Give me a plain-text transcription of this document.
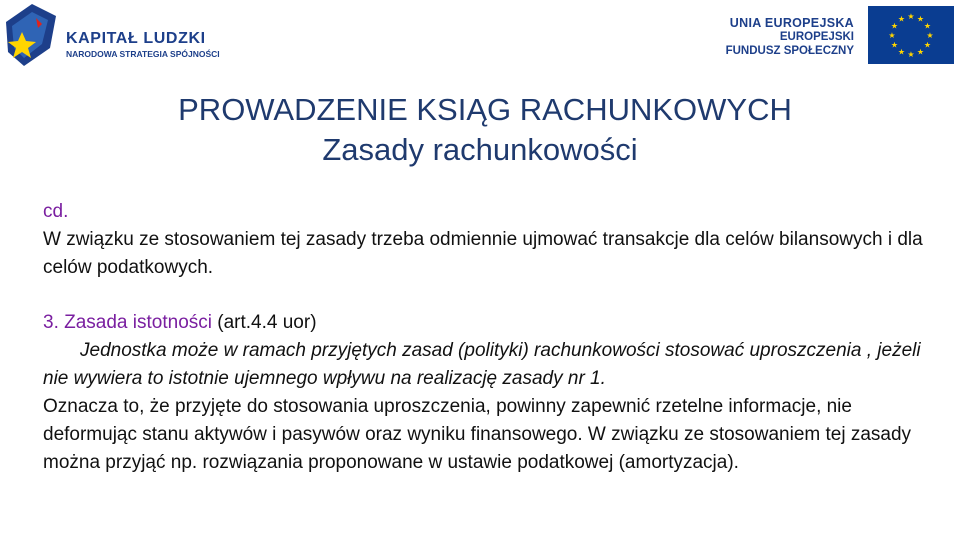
KAPITAŁ LUDZKI
NARODOWA STRATEGIA SPÓJNOŚCI
UNIA EUROPEJSKA
EUROPEJSKI
FUNDUSZ SPOŁECZNY
★ ★
★
★
★
★
★
★
★
★
★
★
PROWADZENIE KSIĄG RACHUNKOWYCH
Zasady rachunkowości

cd.

W związku ze stosowaniem tej zasady trzeba odmiennie ujmować transakcje dla celów bilansowych i dla celów podatkowych.

3. Zasada istotności (art.4.4 uor)

Jednostka może w ramach przyjętych zasad (polityki) rachunkowości stosować uproszczenia , jeżeli nie wywiera to istotnie ujemnego wpływu na realizację zasady nr 1.

Oznacza to, że przyjęte do stosowania uproszczenia, powinny zapewnić rzetelne informacje, nie deformując stanu aktywów i pasywów oraz wyniku finansowego. W związku ze stosowaniem tej zasady można przyjąć np. rozwiązania proponowane w ustawie podatkowej (amortyzacja).
